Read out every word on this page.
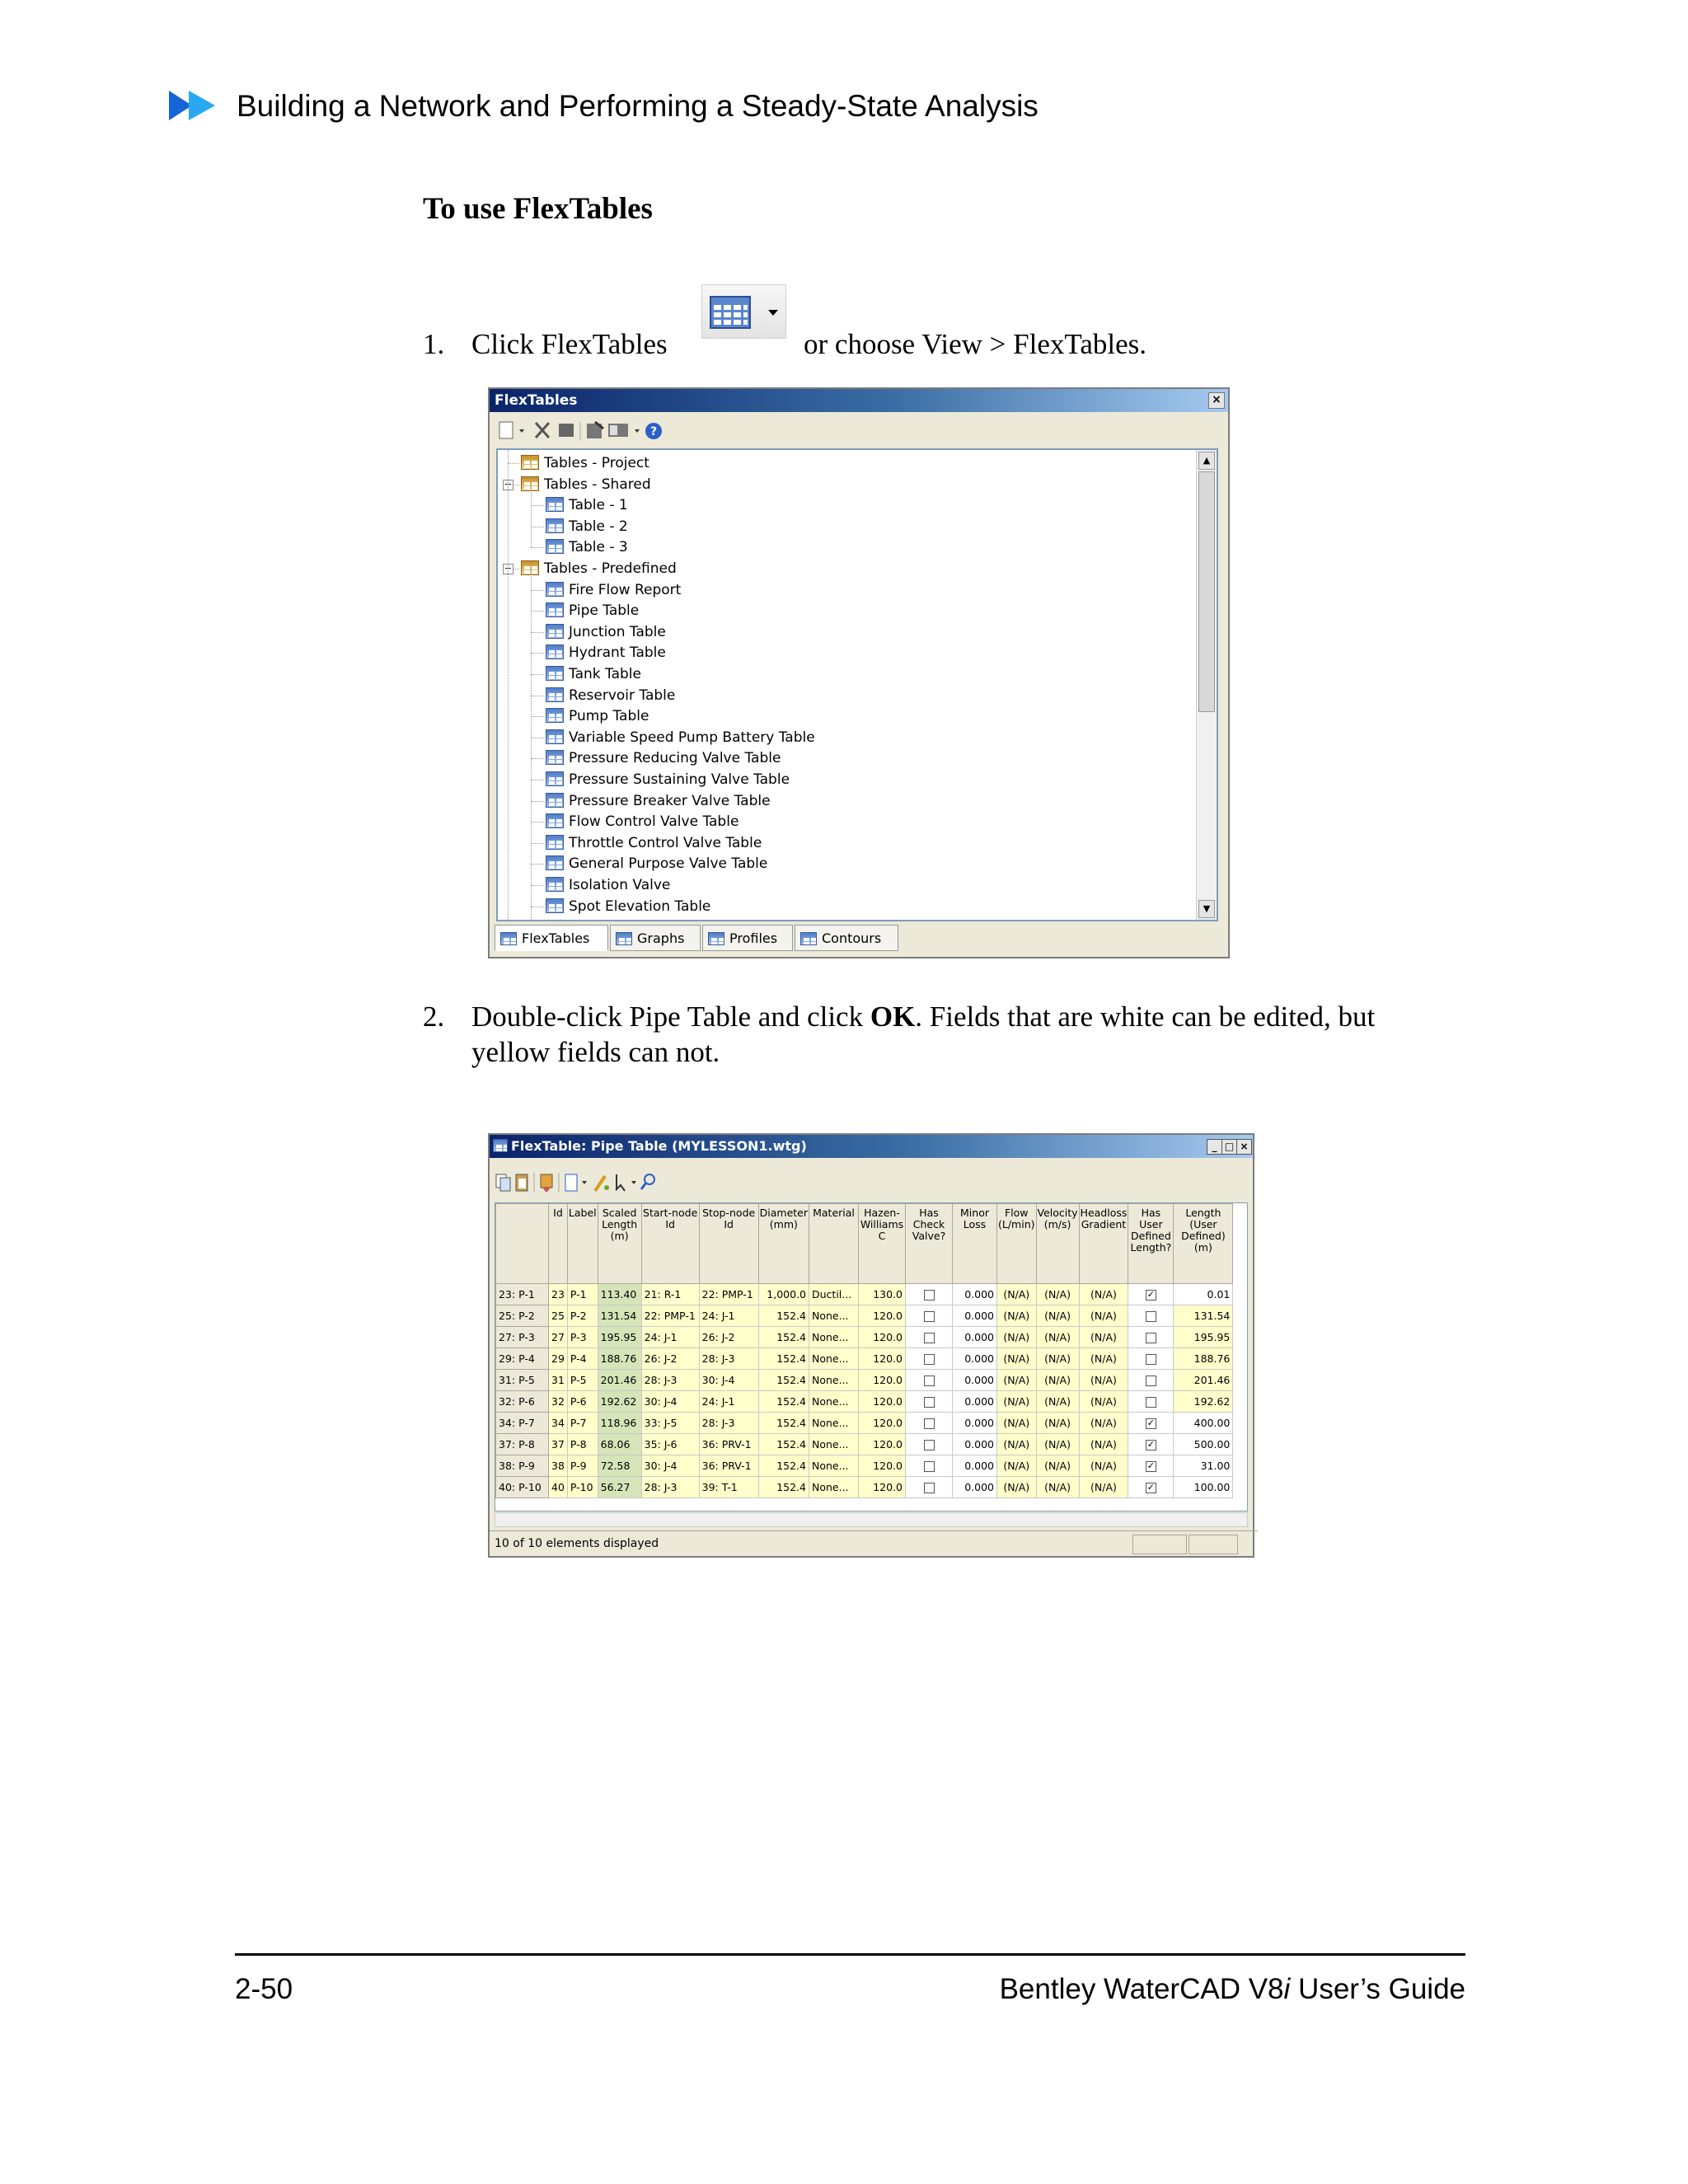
Building a Network and Performing a Steady-State Analysis
To use FlexTables
1. Click FlexTables	or choose View > FlexTables.
FlexTables	×
?
▲
▼
Tables - Project
Tables - Shared
−
Table - 1
Table - 2
Table - 3
Tables - Predefined
−
Fire Flow Report
Pipe Table
Junction Table
Hydrant Table
Tank Table
Reservoir Table
Pump Table
Variable Speed Pump Battery Table
Pressure Reducing Valve Table
Pressure Sustaining Valve Table
Pressure Breaker Valve Table
Flow Control Valve Table
Throttle Control Valve Table
General Purpose Valve Table
Isolation Valve
Spot Elevation Table
FlexTables	Graphs	Profiles	Contours
2. Double-click Pipe Table and click OK. Fields that are white can be edited, but
yellow fields can not.
FlexTable: Pipe Table (MYLESSON1.wtg)	_ □ ×
	Id	Label	Scaled Length (m)	Start-node Id	Stop-node Id	Diameter (mm)	Material	Hazen-Williams C	Has Check Valve?	Minor Loss	Flow (L/min)	Velocity (m/s)	Headloss Gradient	Has User Defined Length?	Length (User Defined) (m)
23: P-1	23	P-1	113.40	21: R-1	22: PMP-1	1,000.0	Ductil...	130.0		0.000	(N/A)	(N/A)	(N/A)	✓	0.01
25: P-2	25	P-2	131.54	22: PMP-1	24: J-1	152.4	None...	120.0		0.000	(N/A)	(N/A)	(N/A)		131.54
27: P-3	27	P-3	195.95	24: J-1	26: J-2	152.4	None...	120.0		0.000	(N/A)	(N/A)	(N/A)		195.95
29: P-4	29	P-4	188.76	26: J-2	28: J-3	152.4	None...	120.0		0.000	(N/A)	(N/A)	(N/A)		188.76
31: P-5	31	P-5	201.46	28: J-3	30: J-4	152.4	None...	120.0		0.000	(N/A)	(N/A)	(N/A)		201.46
32: P-6	32	P-6	192.62	30: J-4	24: J-1	152.4	None...	120.0		0.000	(N/A)	(N/A)	(N/A)		192.62
34: P-7	34	P-7	118.96	33: J-5	28: J-3	152.4	None...	120.0		0.000	(N/A)	(N/A)	(N/A)	✓	400.00
37: P-8	37	P-8	68.06	35: J-6	36: PRV-1	152.4	None...	120.0		0.000	(N/A)	(N/A)	(N/A)	✓	500.00
38: P-9	38	P-9	72.58	30: J-4	36: PRV-1	152.4	None...	120.0		0.000	(N/A)	(N/A)	(N/A)	✓	31.00
40: P-10	40	P-10	56.27	28: J-3	39: T-1	152.4	None...	120.0		0.000	(N/A)	(N/A)	(N/A)	✓	100.00
10 of 10 elements displayed
2-50	Bentley WaterCAD V8i User’s Guide
